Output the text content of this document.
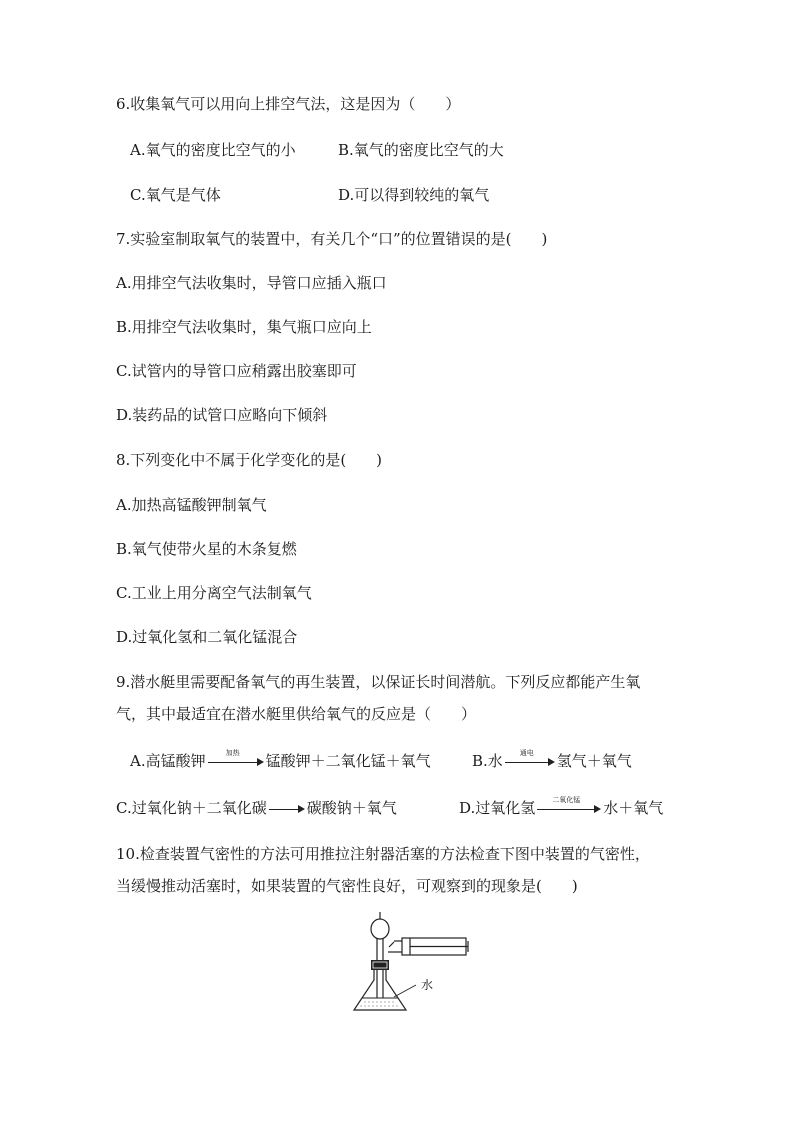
6.收集氧气可以用向上排空气法，这是因为（　　）
A.氧气的密度比空气的小	B.氧气的密度比空气的大
C.氧气是气体	D.可以得到较纯的氧气
7.实验室制取氧气的装置中，有关几个“口”的位置错误的是(　　)
A.用排空气法收集时，导管口应插入瓶口
B.用排空气法收集时，集气瓶口应向上
C.试管内的导管口应稍露出胶塞即可
D.装药品的试管口应略向下倾斜
8.下列变化中不属于化学变化的是(　　)
A.加热高锰酸钾制氧气
B.氧气使带火星的木条复燃
C.工业上用分离空气法制氧气
D.过氧化氢和二氧化锰混合
9.潜水艇里需要配备氧气的再生装置，以保证长时间潜航。下列反应都能产生氧
气，其中最适宜在潜水艇里供给氧气的反应是（　　）
A.高锰酸钾	加热	锰酸钾＋二氧化锰＋氧气	B.水	通电	氢气＋氧气
C.过氧化钠＋二氧化碳	碳酸钠＋氧气	D.过氧化氢	二氧化锰	水＋氧气
10.检查装置气密性的方法可用推拉注射器活塞的方法检查下图中装置的气密性，
当缓慢推动活塞时，如果装置的气密性良好，可观察到的现象是(　　)
水
